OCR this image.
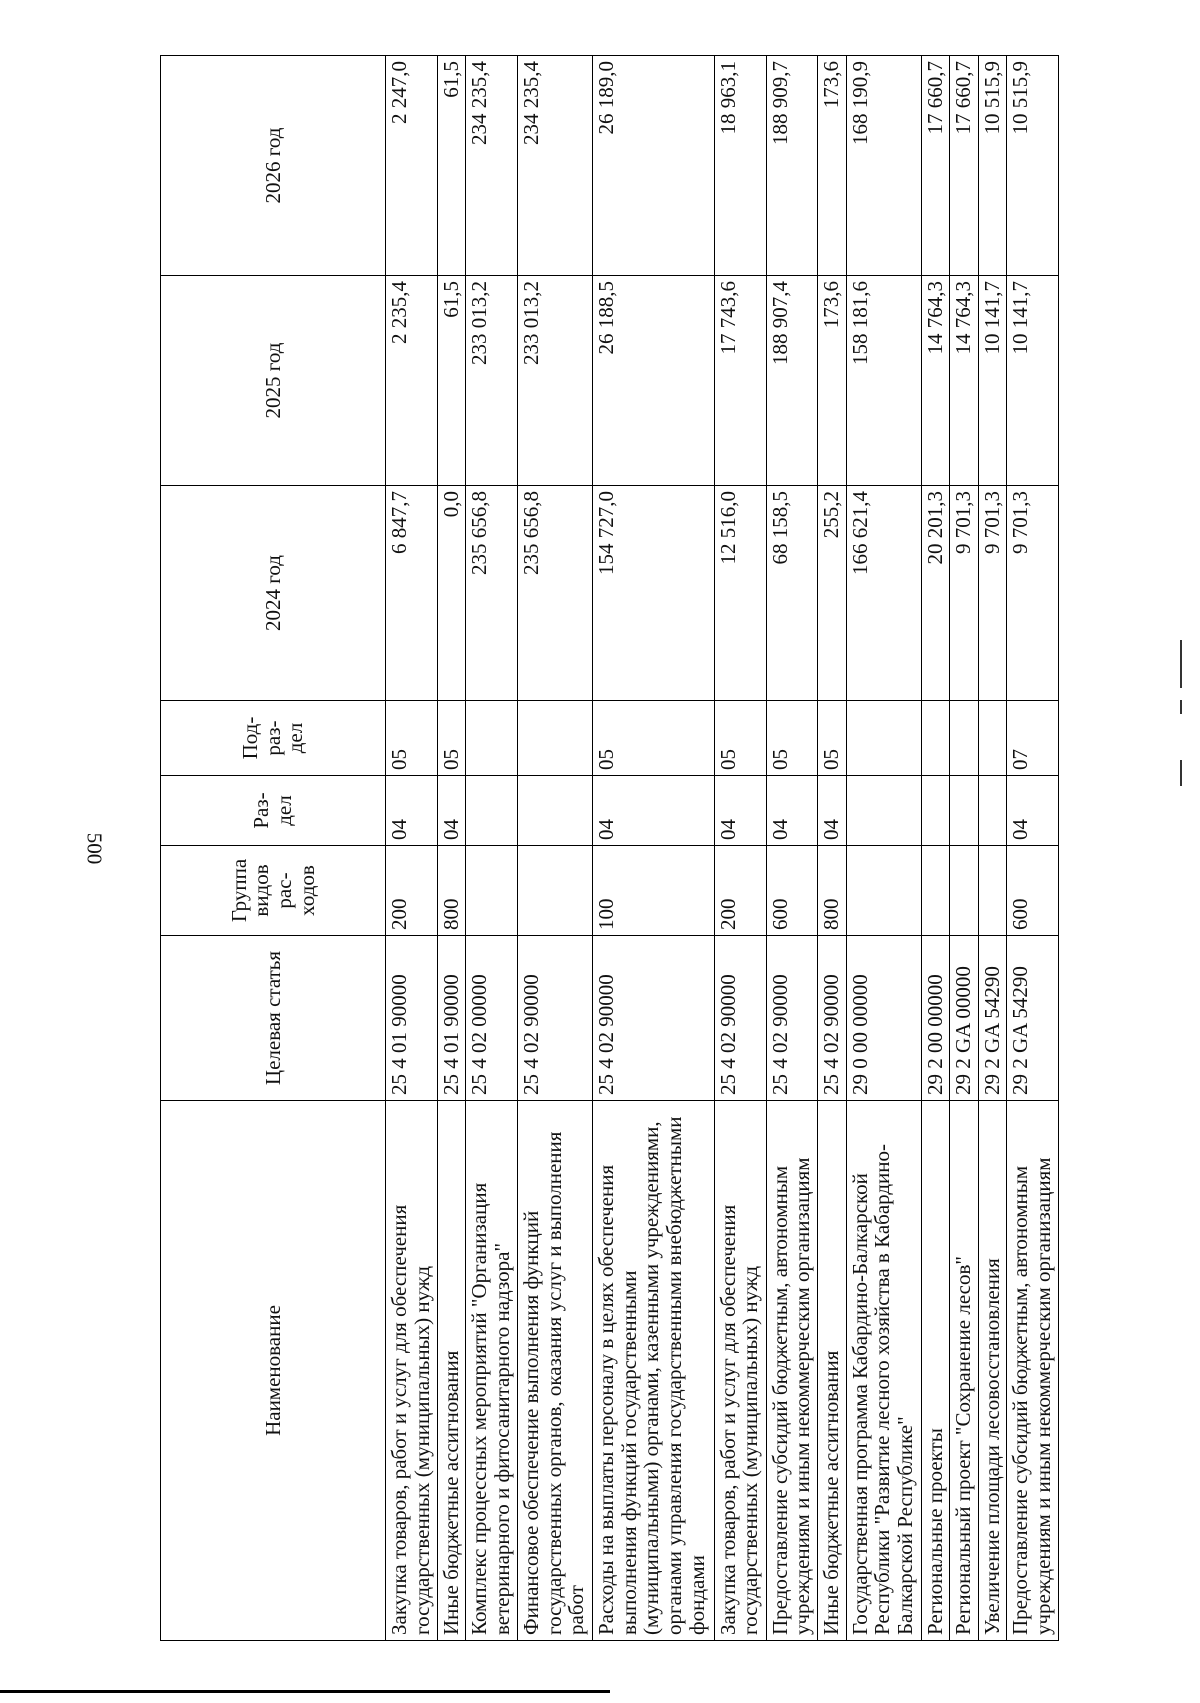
500
Наименование	Целевая статья	Группа видов рас-ходов	Раз-дел	Под-раз-дел	2024 год	2025 год	2026 год
Закупка товаров, работ и услуг для обеспечения государственных (муниципальных) нужд	25 4 01 90000	200	04	05	6 847,7	2 235,4	2 247,0
Иные бюджетные ассигнования	25 4 01 90000	800	04	05	0,0	61,5	61,5
Комплекс процессных мероприятий "Организация ветеринарного и фитосанитарного надзора"	25 4 02 00000				235 656,8	233 013,2	234 235,4
Финансовое обеспечение выполнения функций государственных органов, оказания услуг и выполнения работ	25 4 02 90000				235 656,8	233 013,2	234 235,4
Расходы на выплаты персоналу в целях обеспечения выполнения функций государственными (муниципальными) органами, казенными учреждениями, органами управления государственными внебюджетными фондами	25 4 02 90000	100	04	05	154 727,0	26 188,5	26 189,0
Закупка товаров, работ и услуг для обеспечения государственных (муниципальных) нужд	25 4 02 90000	200	04	05	12 516,0	17 743,6	18 963,1
Предоставление субсидий бюджетным, автономным учреждениям и иным некоммерческим организациям	25 4 02 90000	600	04	05	68 158,5	188 907,4	188 909,7
Иные бюджетные ассигнования	25 4 02 90000	800	04	05	255,2	173,6	173,6
Государственная программа Кабардино-Балкарской Республики "Развитие лесного хозяйства в Кабардино-Балкарской Республике"	29 0 00 00000				166 621,4	158 181,6	168 190,9
Региональные проекты	29 2 00 00000				20 201,3	14 764,3	17 660,7
Региональный проект "Сохранение лесов"	29 2 GA 00000				9 701,3	14 764,3	17 660,7
Увеличение площади лесовосстановления	29 2 GA 54290				9 701,3	10 141,7	10 515,9
Предоставление субсидий бюджетным, автономным учреждениям и иным некоммерческим организациям	29 2 GA 54290	600	04	07	9 701,3	10 141,7	10 515,9
